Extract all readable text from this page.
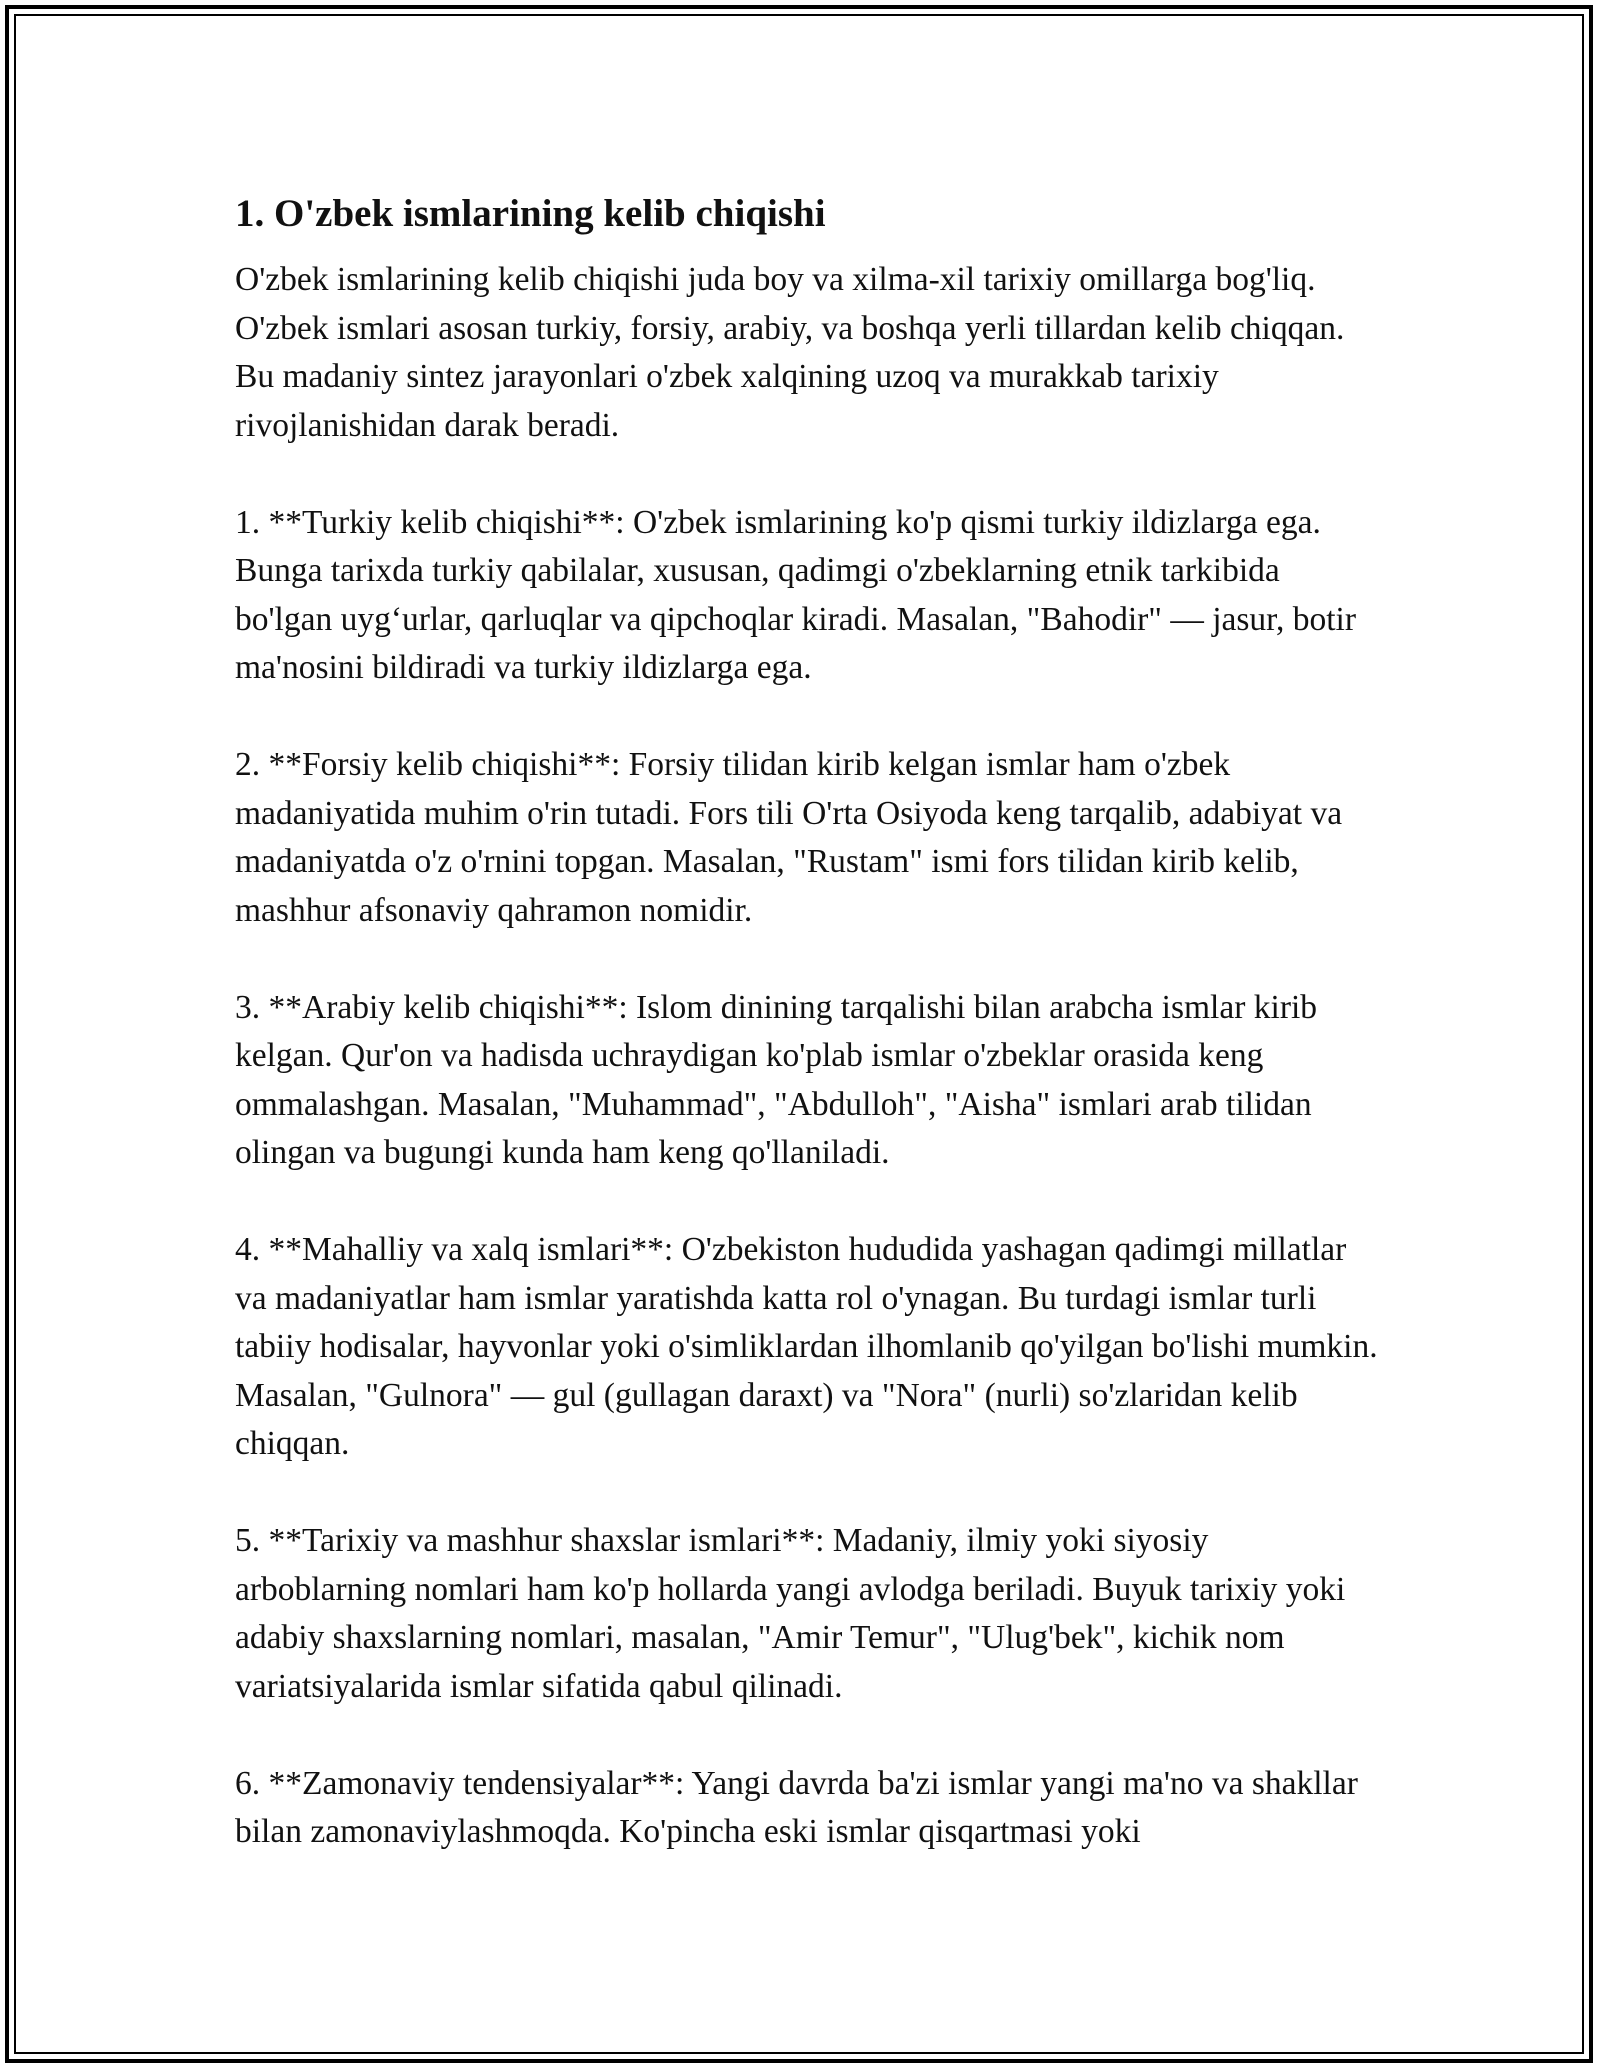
1. O'zbek ismlarining kelib chiqishi

O'zbek ismlarining kelib chiqishi juda boy va xilma-xil tarixiy omillarga bog'liq. O'zbek ismlari asosan turkiy, forsiy, arabiy, va boshqa yerli tillardan kelib chiqqan. Bu madaniy sintez jarayonlari o'zbek xalqining uzoq va murakkab tarixiy rivojlanishidan darak beradi.

1. **Turkiy kelib chiqishi**: O'zbek ismlarining ko'p qismi turkiy ildizlarga ega. Bunga tarixda turkiy qabilalar, xususan, qadimgi o'zbeklarning etnik tarkibida bo'lgan uygʻurlar, qarluqlar va qipchoqlar kiradi. Masalan, "Bahodir" — jasur, botir ma'nosini bildiradi va turkiy ildizlarga ega.

2. **Forsiy kelib chiqishi**: Forsiy tilidan kirib kelgan ismlar ham o'zbek madaniyatida muhim o'rin tutadi. Fors tili O'rta Osiyoda keng tarqalib, adabiyat va madaniyatda o'z o'rnini topgan. Masalan, "Rustam" ismi fors tilidan kirib kelib, mashhur afsonaviy qahramon nomidir.

3. **Arabiy kelib chiqishi**: Islom dinining tarqalishi bilan arabcha ismlar kirib kelgan. Qur'on va hadisda uchraydigan ko'plab ismlar o'zbeklar orasida keng ommalashgan. Masalan, "Muhammad", "Abdulloh", "Aisha" ismlari arab tilidan olingan va bugungi kunda ham keng qo'llaniladi.

4. **Mahalliy va xalq ismlari**: O'zbekiston hududida yashagan qadimgi millatlar va madaniyatlar ham ismlar yaratishda katta rol o'ynagan. Bu turdagi ismlar turli tabiiy hodisalar, hayvonlar yoki o'simliklardan ilhomlanib qo'yilgan bo'lishi mumkin. Masalan, "Gulnora" — gul (gullagan daraxt) va "Nora" (nurli) so'zlaridan kelib chiqqan.

5. **Tarixiy va mashhur shaxslar ismlari**: Madaniy, ilmiy yoki siyosiy arboblarning nomlari ham ko'p hollarda yangi avlodga beriladi. Buyuk tarixiy yoki adabiy shaxslarning nomlari, masalan, "Amir Temur", "Ulug'bek", kichik nom variatsiyalarida ismlar sifatida qabul qilinadi.

6. **Zamonaviy tendensiyalar**: Yangi davrda ba'zi ismlar yangi ma'no va shakllar bilan zamonaviylashmoqda. Ko'pincha eski ismlar qisqartmasi yoki
